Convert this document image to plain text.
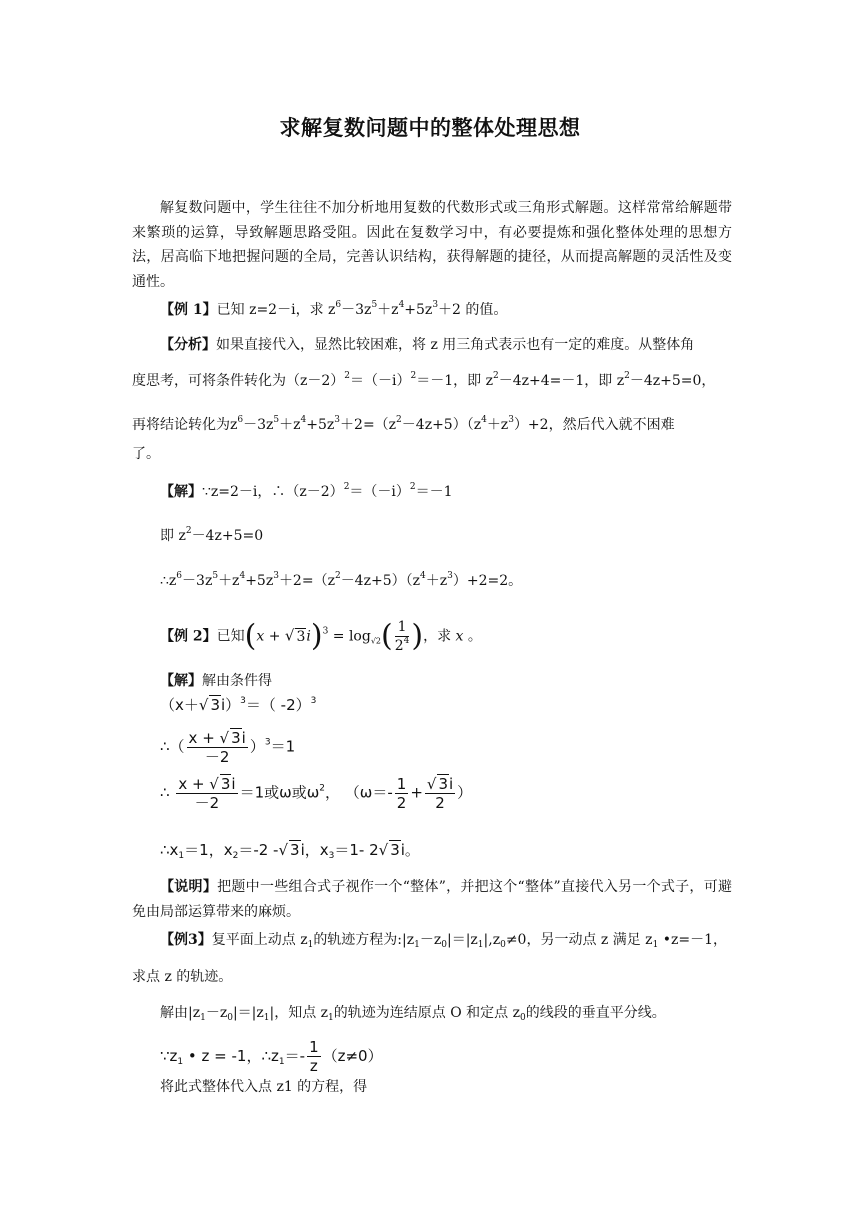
求解复数问题中的整体处理思想
解复数问题中，学生往往不加分析地用复数的代数形式或三角形式解题。这样常常给解题带来繁琐的运算，导致解题思路受阻。因此在复数学习中，有必要提炼和强化整体处理的思想方法，居高临下地把握问题的全局，完善认识结构，获得解题的捷径，从而提高解题的灵活性及变通性。
【例 1】已知 z=2－i，求 $z^6-3z^5+z^4+5z^3+2$ 的值。
【分析】如果直接代入，显然比较困难，将 z 用三角式表示也有一定的难度。从整体角
度思考，可将条件转化为$(z-2)^2=(-i)^2=-1$，即 $z^2-4z+4=-1$，即 $z^2-4z+5=0$，
再将结论转化为$z^6-3z^5+z^4+5z^3+2=(z^2-4z+5)(z^4+z^3)+2$，然后代入就不困难
了。
【解】∵z=2－i，$\therefore(z-2)^2=(-i)^2=-1$
即 $z^2-4z+5=0$
$\therefore z^6-3z^5+z^4+5z^3+2=(z^2-4z+5)(z^4+z^3)+2=2$。
【例 2】已知(x + √ $3i)^3 = \log_{√2}( \frac{1}{2^4}$ )，求 x 。
【解】解由条件得
（x＋√ 3i）$^3$＝（ -2）$^3$
∴（ $\frac{x + √ 3i}{-2} )^3=1$
∴ $\frac{x + √ 3i}{-2} =1$或ω或$\omega^2$， （$\omega=- \frac{1}{2} + \frac{√ 3i}{2}$ ）
$\therefore x_1=1$，$x_2=-2$ -√ 3i，$x_3=1-$ 2√ 3i。
【说明】把题中一些组合式子视作一个“整体”，并把这个“整体”直接代入另一个式子，可避免由局部运算带来的麻烦。
【例3】复平面上动点 $z_1$的轨迹方程为$:|z_1-z_0|=|z_1|,z_0\ne 0$，另一动点 z 满足 $z_1$ •z=－1，
求点 z 的轨迹。
解由$|z_1-z_0|=|z_1|$，知点 $z_1$的轨迹为连结原点 O 和定点 $z_0$的线段的垂直平分线。
$\because z_1$ • z = -1，$\therefore z_1=- \frac{1}{z} (z\ne 0)$
将此式整体代入点 z1 的方程，得
